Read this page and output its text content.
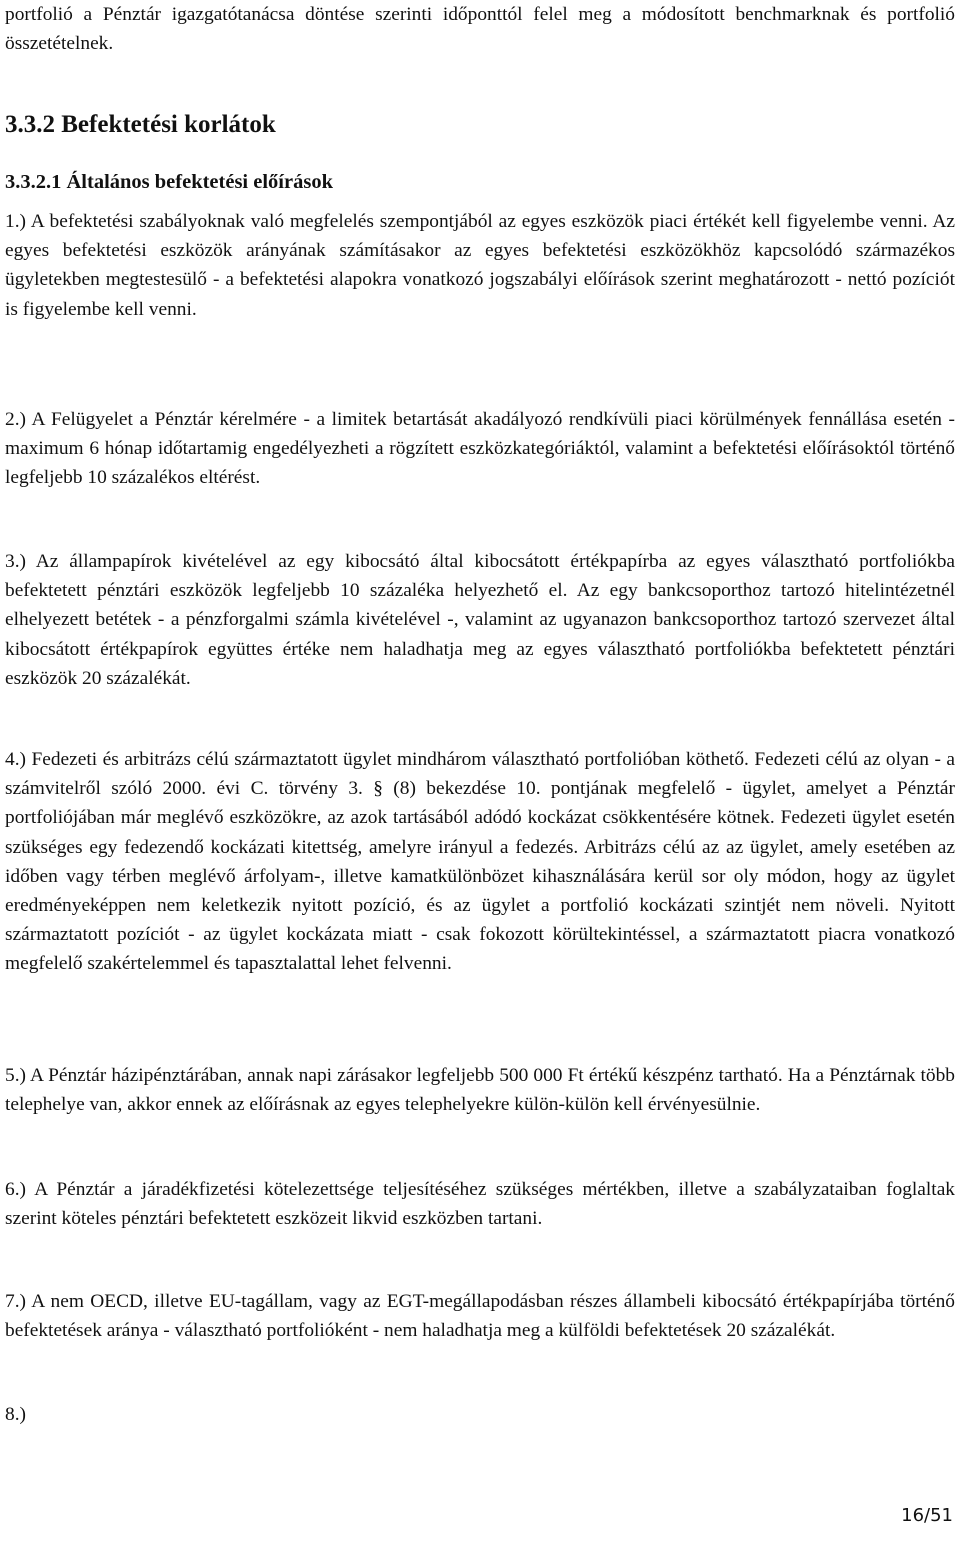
portfolió a Pénztár igazgatótanácsa döntése szerinti időponttól felel meg a módosított benchmarknak és portfolió összetételnek.

3.3.2 Befektetési korlátok
3.3.2.1 Általános befektetési előírások

1.) A befektetési szabályoknak való megfelelés szempontjából az egyes eszközök piaci értékét kell figyelembe venni. Az egyes befektetési eszközök arányának számításakor az egyes befektetési eszközökhöz kapcsolódó származékos ügyletekben megtestesülő - a befektetési alapokra vonatkozó jogszabályi előírások szerint meghatározott - nettó pozíciót is figyelembe kell venni.

2.) A Felügyelet a Pénztár kérelmére - a limitek betartását akadályozó rendkívüli piaci körülmények fennállása esetén - maximum 6 hónap időtartamig engedélyezheti a rögzített eszközkategóriáktól, valamint a befektetési előírásoktól történő legfeljebb 10 százalékos eltérést.

3.) Az állampapírok kivételével az egy kibocsátó által kibocsátott értékpapírba az egyes választható portfoliókba befektetett pénztári eszközök legfeljebb 10 százaléka helyezhető el. Az egy bankcsoporthoz tartozó hitelintézetnél elhelyezett betétek - a pénzforgalmi számla kivételével -, valamint az ugyanazon bankcsoporthoz tartozó szervezet által kibocsátott értékpapírok együttes értéke nem haladhatja meg az egyes választható portfoliókba befektetett pénztári eszközök 20 százalékát.

4.) Fedezeti és arbitrázs célú származtatott ügylet mindhárom választható portfolióban köthető. Fedezeti célú az olyan - a számvitelről szóló 2000. évi C. törvény 3. § (8) bekezdése 10. pontjának megfelelő - ügylet, amelyet a Pénztár portfoliójában már meglévő eszközökre, az azok tartásából adódó kockázat csökkentésére kötnek. Fedezeti ügylet esetén szükséges egy fedezendő kockázati kitettség, amelyre irányul a fedezés. Arbitrázs célú az az ügylet, amely esetében az időben vagy térben meglévő árfolyam-, illetve kamatkülönbözet kihasználására kerül sor oly módon, hogy az ügylet eredményeképpen nem keletkezik nyitott pozíció, és az ügylet a portfolió kockázati szintjét nem növeli. Nyitott származtatott pozíciót - az ügylet kockázata miatt - csak fokozott körültekintéssel, a származtatott piacra vonatkozó megfelelő szakértelemmel és tapasztalattal lehet felvenni.

5.) A Pénztár házipénztárában, annak napi zárásakor legfeljebb 500 000 Ft értékű készpénz tartható. Ha a Pénztárnak több telephelye van, akkor ennek az előírásnak az egyes telephelyekre külön-külön kell érvényesülnie.

6.) A Pénztár a járadékfizetési kötelezettsége teljesítéséhez szükséges mértékben, illetve a szabályzataiban foglaltak szerint köteles pénztári befektetett eszközeit likvid eszközben tartani.

7.) A nem OECD, illetve EU-tagállam, vagy az EGT-megállapodásban részes állambeli kibocsátó értékpapírjába történő befektetések aránya - választható portfolióként - nem haladhatja meg a külföldi befektetések 20 százalékát.

8.)

16/51
